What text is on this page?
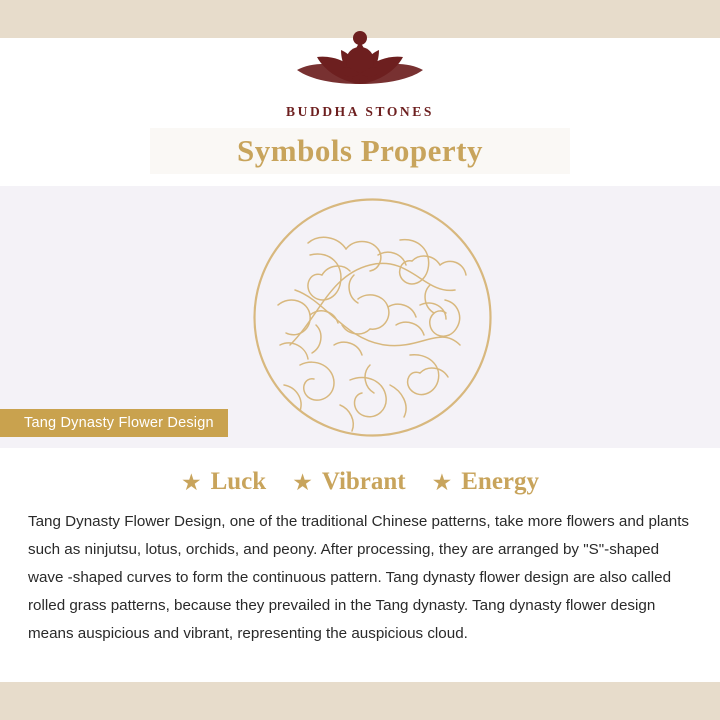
BUDDHA STONES
Symbols Property
Tang Dynasty Flower Design
★ Luck ★ Vibrant ★ Energy
Tang Dynasty Flower Design, one of the traditional Chinese patterns, take more flowers and plants such as ninjutsu, lotus, orchids, and peony. After processing, they are arranged by "S"-shaped wave -shaped curves to form the continuous pattern. Tang dynasty flower design are also called rolled grass patterns, because they prevailed in the Tang dynasty. Tang dynasty flower design means auspicious and vibrant, representing the auspicious cloud.
